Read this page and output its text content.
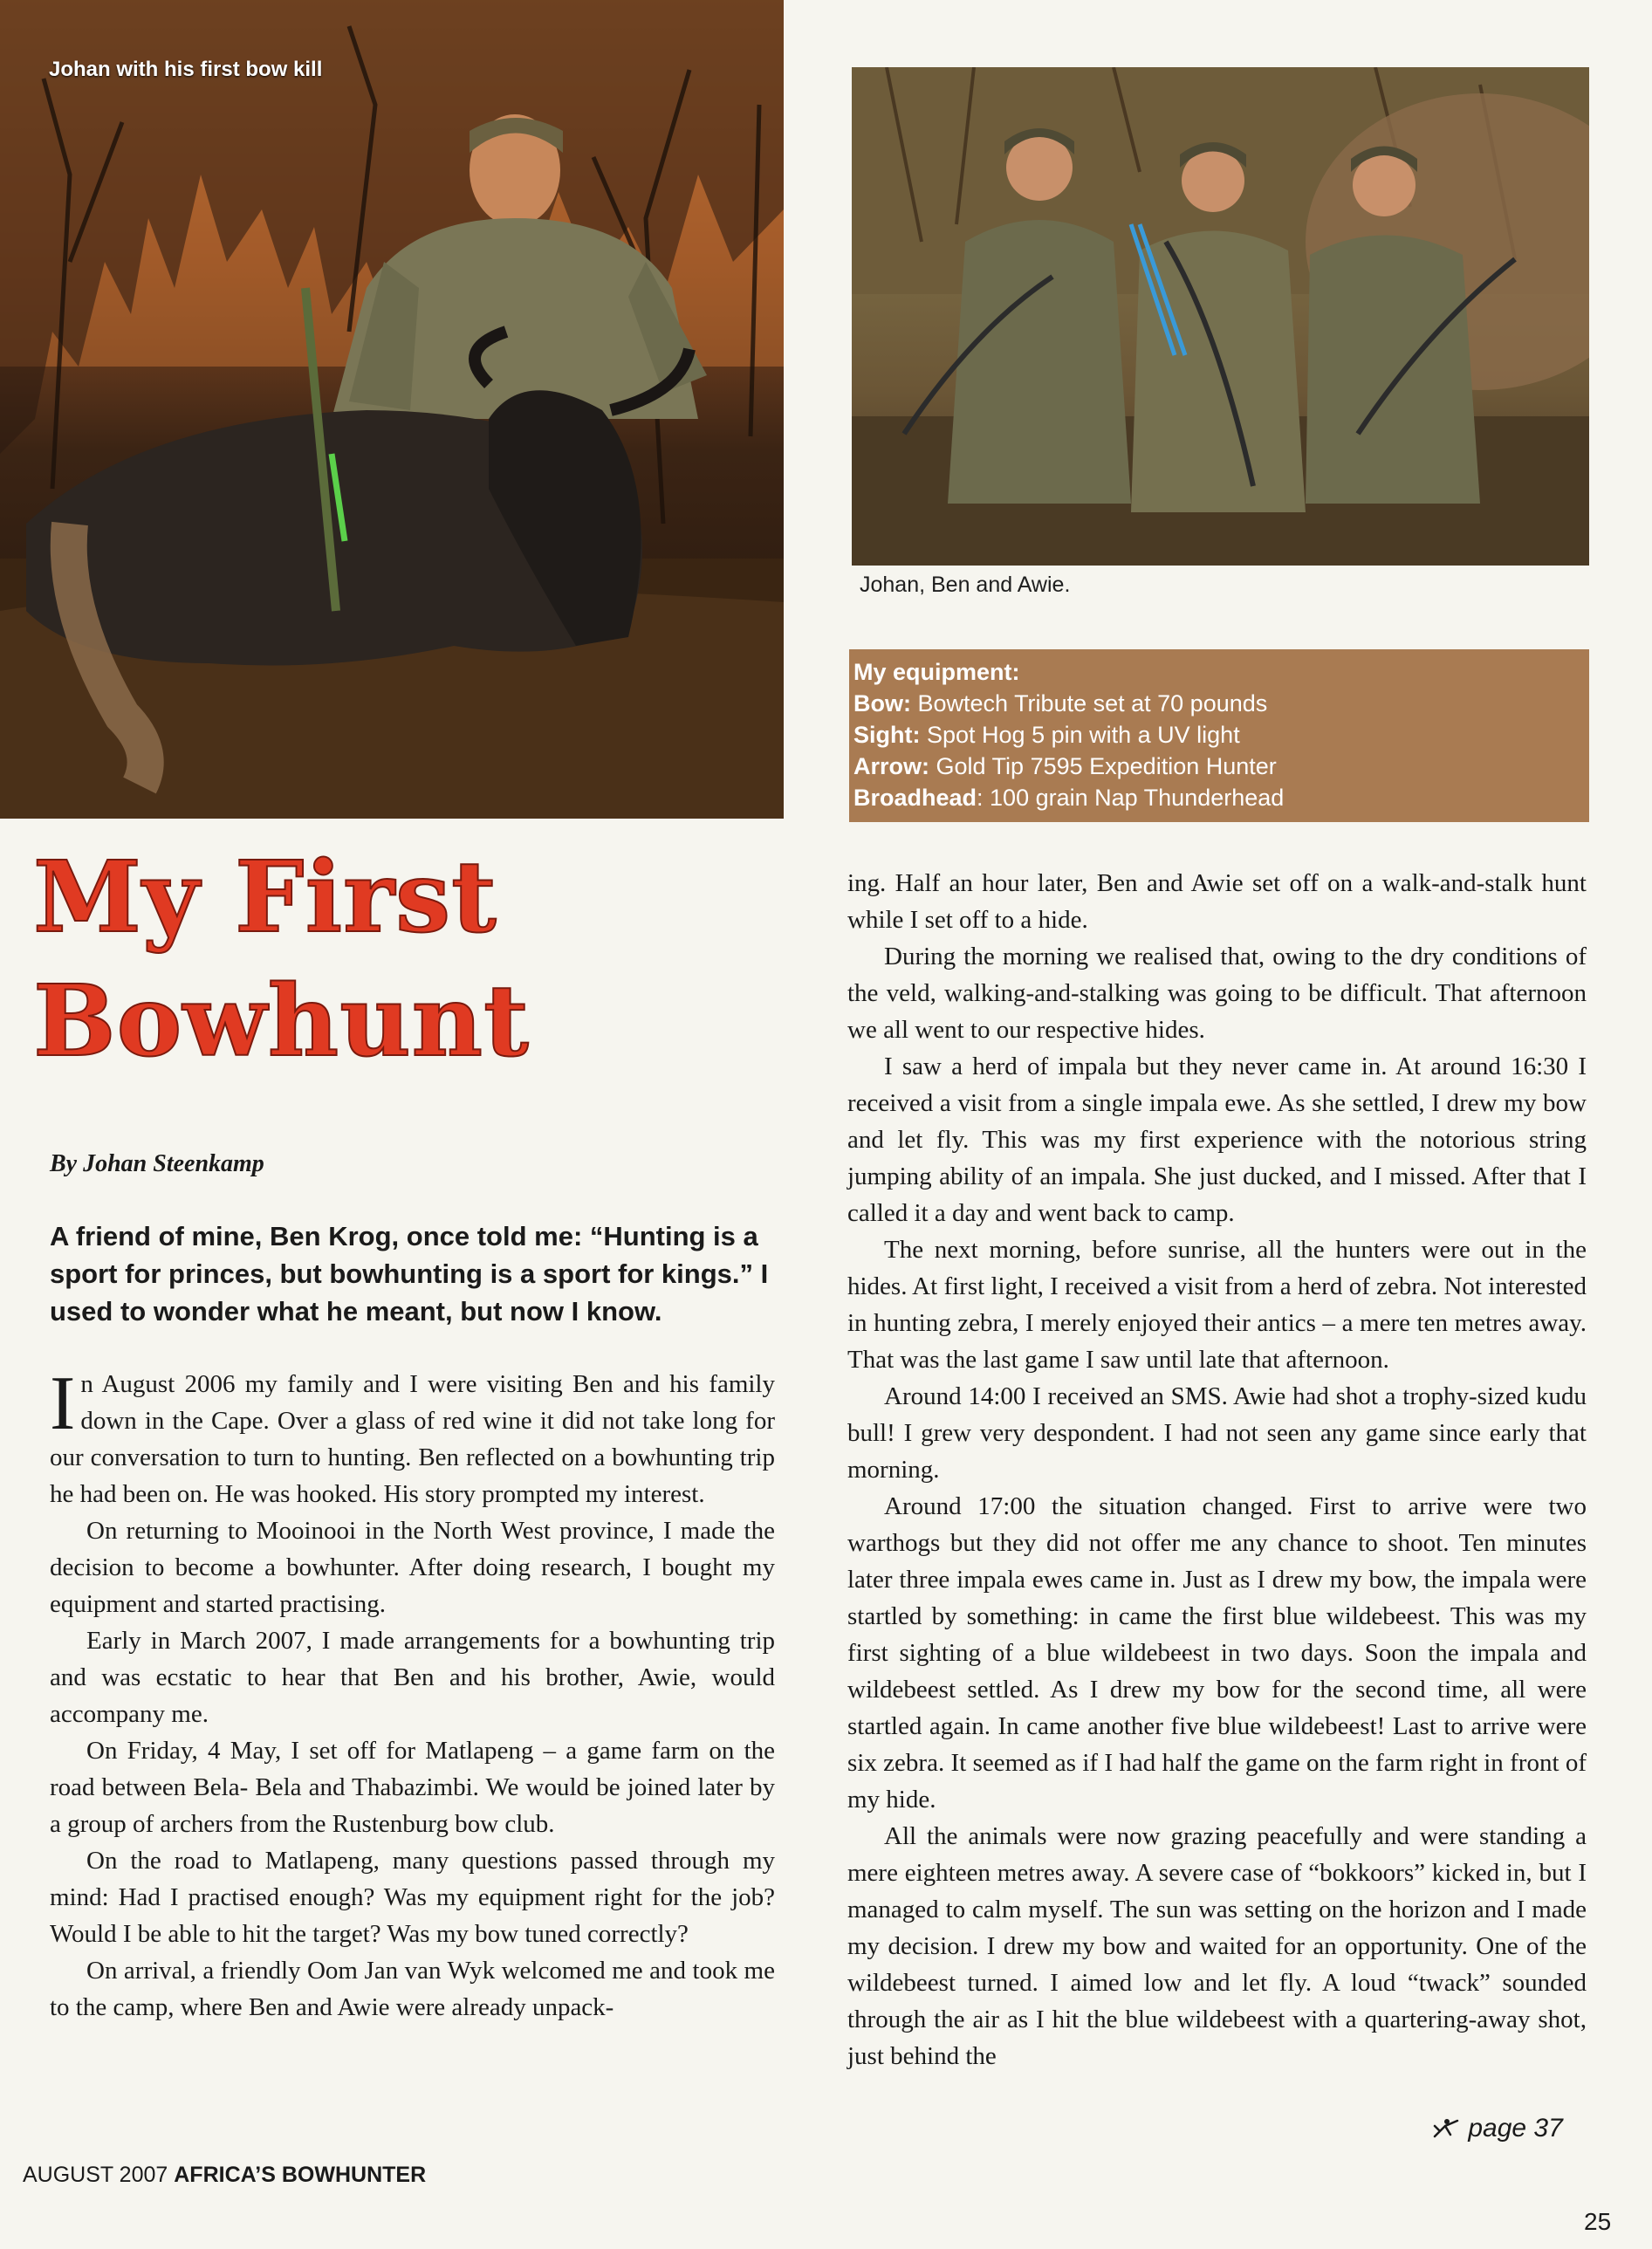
Johan with his first bow kill
Johan, Ben and Awie.
My equipment:
Bow: Bowtech Tribute set at 70 pounds
Sight: Spot Hog 5 pin with a UV light
Arrow: Gold Tip 7595 Expedition Hunter
Broadhead: 100 grain Nap Thunderhead
My First
Bowhunt
By Johan Steenkamp
A friend of mine, Ben Krog, once told me: “Hunting is a sport for princes, but bowhunting is a sport for kings.” I used to wonder what he meant, but now I know.

In August 2006 my family and I were visiting Ben and his family down in the Cape. Over a glass of red wine it did not take long for our conversation to turn to hunting. Ben reflected on a bowhunting trip he had been on. He was hooked. His story prompted my interest.

On returning to Mooinooi in the North West province, I made the decision to become a bowhunter. After doing research, I bought my equipment and started practising.

Early in March 2007, I made arrangements for a bowhunting trip and was ecstatic to hear that Ben and his brother, Awie, would accompany me.

On Friday, 4 May, I set off for Matlapeng – a game farm on the road between Bela- Bela and Thabazimbi. We would be joined later by a group of archers from the Rustenburg bow club.

On the road to Matlapeng, many questions passed through my mind: Had I practised enough? Was my equipment right for the job? Would I be able to hit the target? Was my bow tuned correctly?

On arrival, a friendly Oom Jan van Wyk welcomed me and took me to the camp, where Ben and Awie were already unpack-

ing. Half an hour later, Ben and Awie set off on a walk-and-stalk hunt while I set off to a hide.

During the morning we realised that, owing to the dry conditions of the veld, walking-and-stalking was going to be difficult. That afternoon we all went to our respective hides.

I saw a herd of impala but they never came in. At around 16:30 I received a visit from a single impala ewe. As she settled, I drew my bow and let fly. This was my first experience with the notorious string jumping ability of an impala. She just ducked, and I missed. After that I called it a day and went back to camp.

The next morning, before sunrise, all the hunters were out in the hides. At first light, I received a visit from a herd of zebra. Not interested in hunting zebra, I merely enjoyed their antics – a mere ten metres away. That was the last game I saw until late that afternoon.

Around 14:00 I received an SMS. Awie had shot a trophy-sized kudu bull! I grew very despondent. I had not seen any game since early that morning.

Around 17:00 the situation changed. First to arrive were two warthogs but they did not offer me any chance to shoot. Ten minutes later three impala ewes came in. Just as I drew my bow, the impala were startled by something: in came the first blue wildebeest. This was my first sighting of a blue wildebeest in two days. Soon the impala and wildebeest settled. As I drew my bow for the second time, all were startled again. In came another five blue wildebeest! Last to arrive were six zebra. It seemed as if I had half the game on the farm right in front of my hide.

All the animals were now grazing peacefully and were standing a mere eighteen metres away. A severe case of “bokkoors” kicked in, but I managed to calm myself. The sun was setting on the horizon and I made my decision. I drew my bow and waited for an opportunity. One of the wildebeest turned. I aimed low and let fly. A loud “twack” sounded through the air as I hit the blue wildebeest with a quartering-away shot, just behind the

page 37
AUGUST 2007 AFRICA’S BOWHUNTER
25
